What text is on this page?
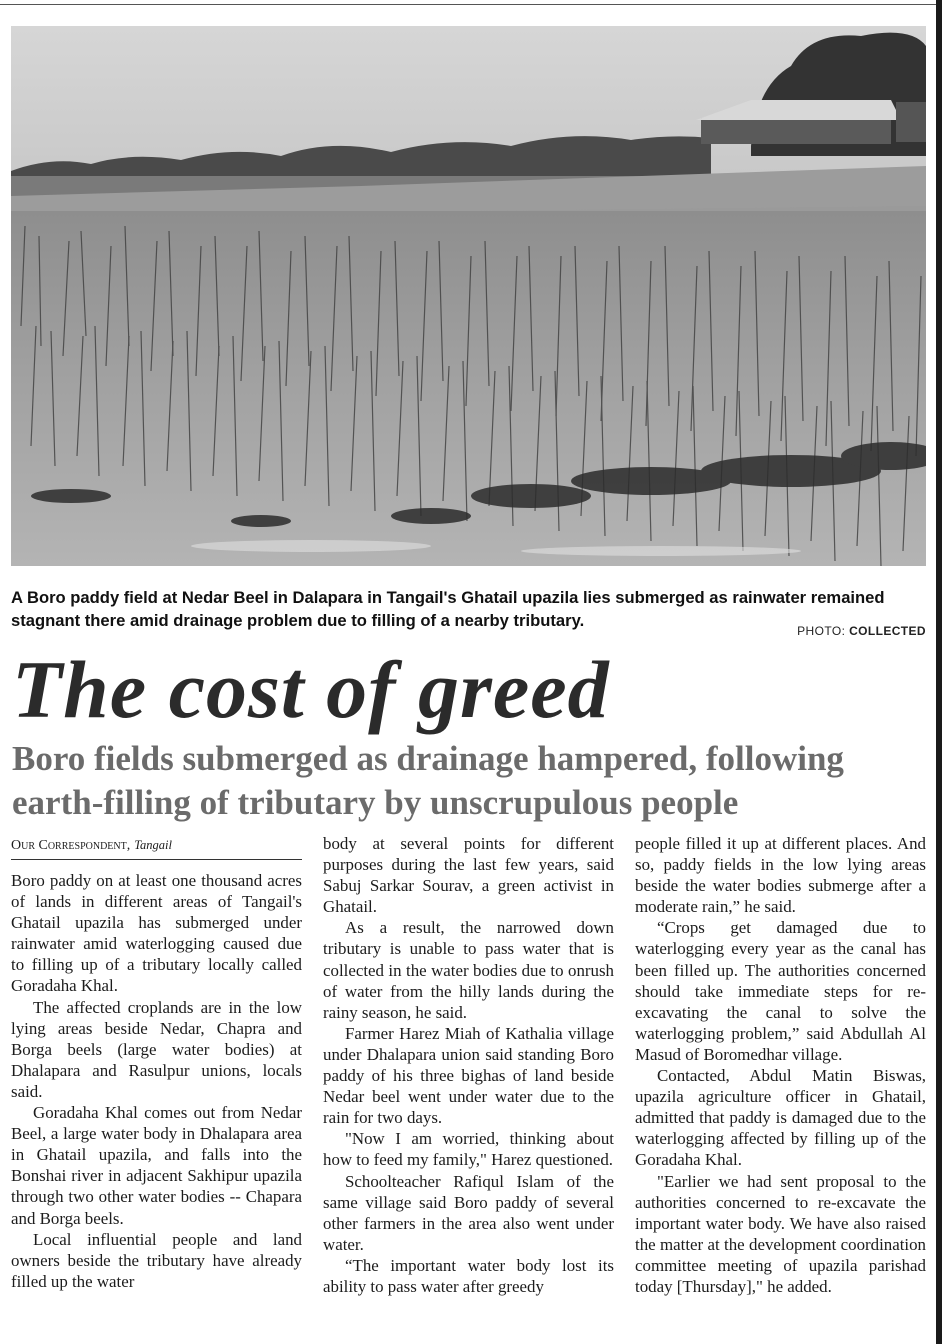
A Boro paddy field at Nedar Beel in Dalapara in Tangail's Ghatail upazila lies submerged as rainwater remained stagnant there amid drainage problem due to filling of a nearby tributary.
PHOTO: COLLECTED
The cost of greed
Boro fields submerged as drainage hampered, following earth-filling of tributary by unscrupulous people
Our Correspondent, Tangail

Boro paddy on at least one thousand acres of lands in different areas of Tangail's Ghatail upazila has submerged under rainwater amid waterlogging caused due to filling up of a tributary locally called Goradaha Khal.

The affected croplands are in the low lying areas beside Nedar, Chapra and Borga beels (large water bodies) at Dhalapara and Rasulpur unions, locals said.

Goradaha Khal comes out from Nedar Beel, a large water body in Dhalapara area in Ghatail upazila, and falls into the Bonshai river in adjacent Sakhipur upazila through two other water bodies -- Chapara and Borga beels.

Local influential people and land owners beside the tributary have already filled up the water

body at several points for different purposes during the last few years, said Sabuj Sarkar Sourav, a green activist in Ghatail.

As a result, the narrowed down tributary is unable to pass water that is collected in the water bodies due to onrush of water from the hilly lands during the rainy season, he said.

Farmer Harez Miah of Kathalia village under Dhalapara union said standing Boro paddy of his three bighas of land beside Nedar beel went under water due to the rain for two days.

"Now I am worried, thinking about how to feed my family," Harez questioned.

Schoolteacher Rafiqul Islam of the same village said Boro paddy of several other farmers in the area also went under water.

“The important water body lost its ability to pass water after greedy

people filled it up at different places. And so, paddy fields in the low lying areas beside the water bodies submerge after a moderate rain,” he said.

“Crops get damaged due to waterlogging every year as the canal has been filled up. The authorities concerned should take immediate steps for re-excavating the canal to solve the waterlogging problem,” said Abdullah Al Masud of Boromedhar village.

Contacted, Abdul Matin Biswas, upazila agriculture officer in Ghatail, admitted that paddy is damaged due to the waterlogging affected by filling up of the Goradaha Khal.

"Earlier we had sent proposal to the authorities concerned to re-excavate the important water body. We have also raised the matter at the development coordination committee meeting of upazila parishad today [Thursday]," he added.
